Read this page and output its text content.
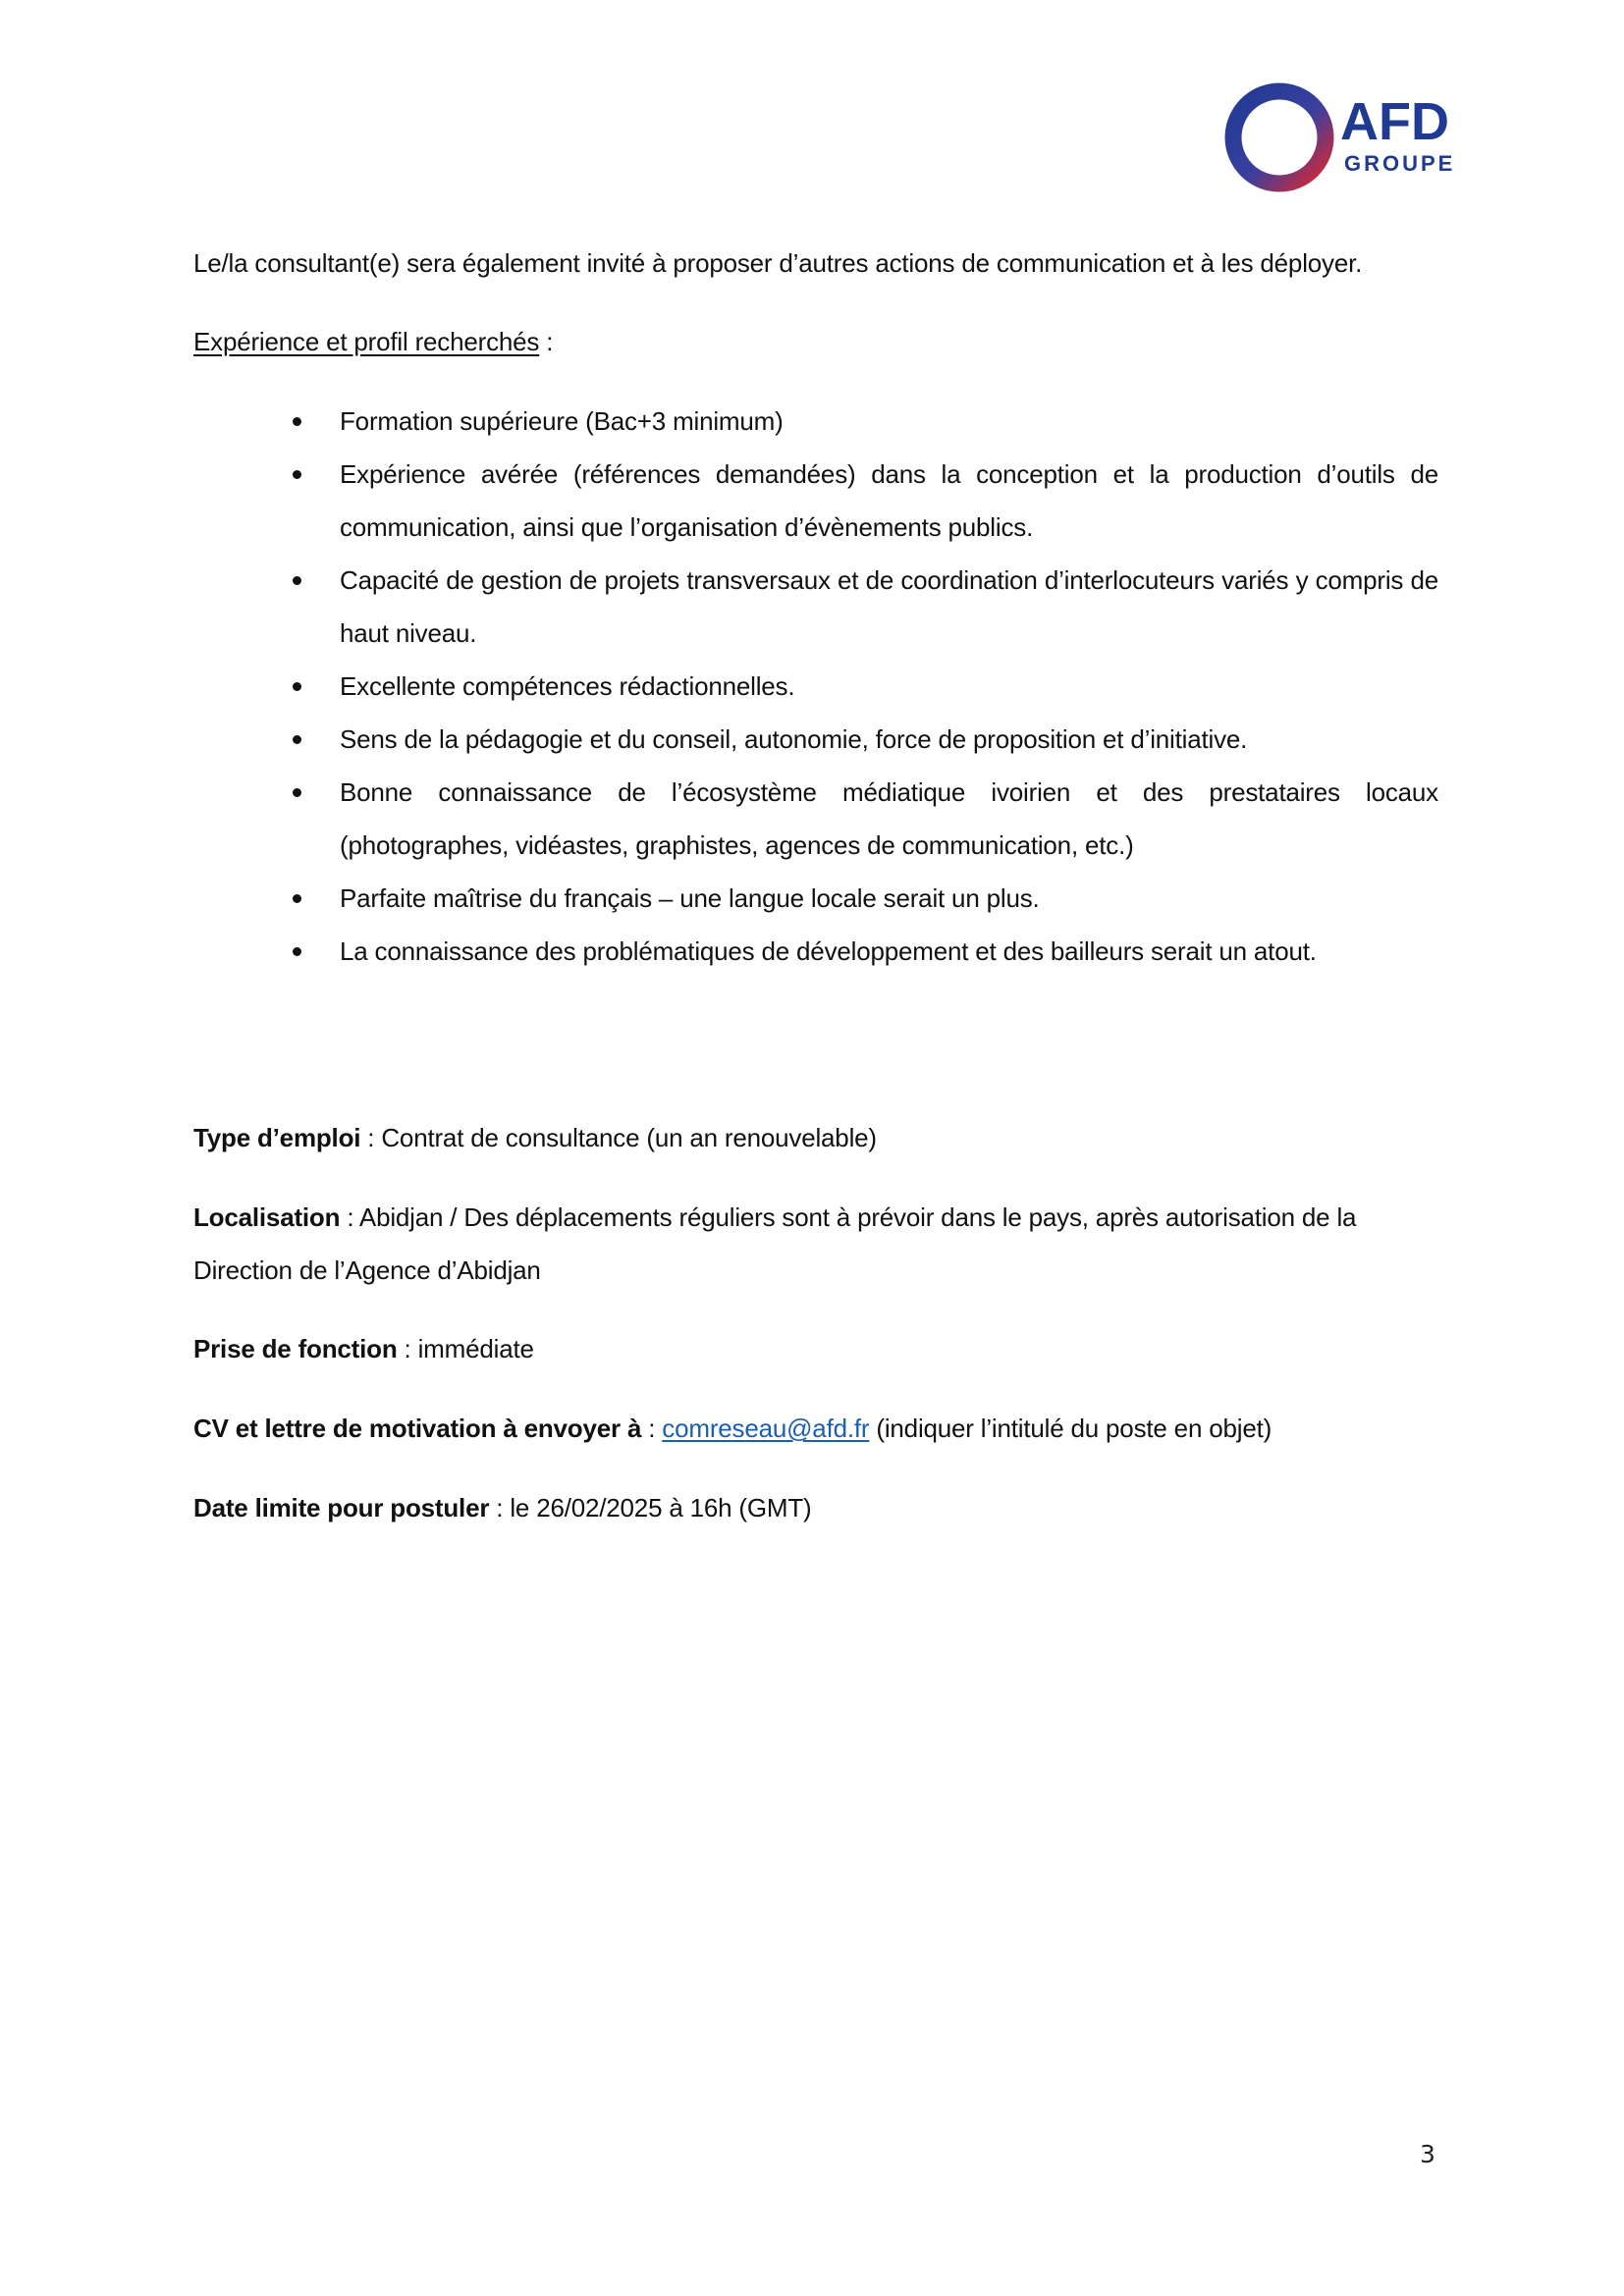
AFD
GROUPE
Le/la consultant(e) sera également invité à proposer d’autres actions de communication et à les déployer.
Expérience et profil recherchés :
Formation supérieure (Bac+3 minimum)
Expérience avérée (références demandées) dans la conception et la production d’outils de communication, ainsi que l’organisation d’évènements publics.
Capacité de gestion de projets transversaux et de coordination d’interlocuteurs variés y compris de haut niveau.
Excellente compétences rédactionnelles.
Sens de la pédagogie et du conseil, autonomie, force de proposition et d’initiative.
Bonne connaissance de l’écosystème médiatique ivoirien et des prestataires locaux (photographes, vidéastes, graphistes, agences de communication, etc.)
Parfaite maîtrise du français – une langue locale serait un plus.
La connaissance des problématiques de développement et des bailleurs serait un atout.
Type d’emploi : Contrat de consultance (un an renouvelable)
Localisation : Abidjan / Des déplacements réguliers sont à prévoir dans le pays, après autorisation de la Direction de l’Agence d’Abidjan
Prise de fonction : immédiate
CV et lettre de motivation à envoyer à : comreseau@afd.fr (indiquer l’intitulé du poste en objet)
Date limite pour postuler : le 26/02/2025 à 16h (GMT)
3
